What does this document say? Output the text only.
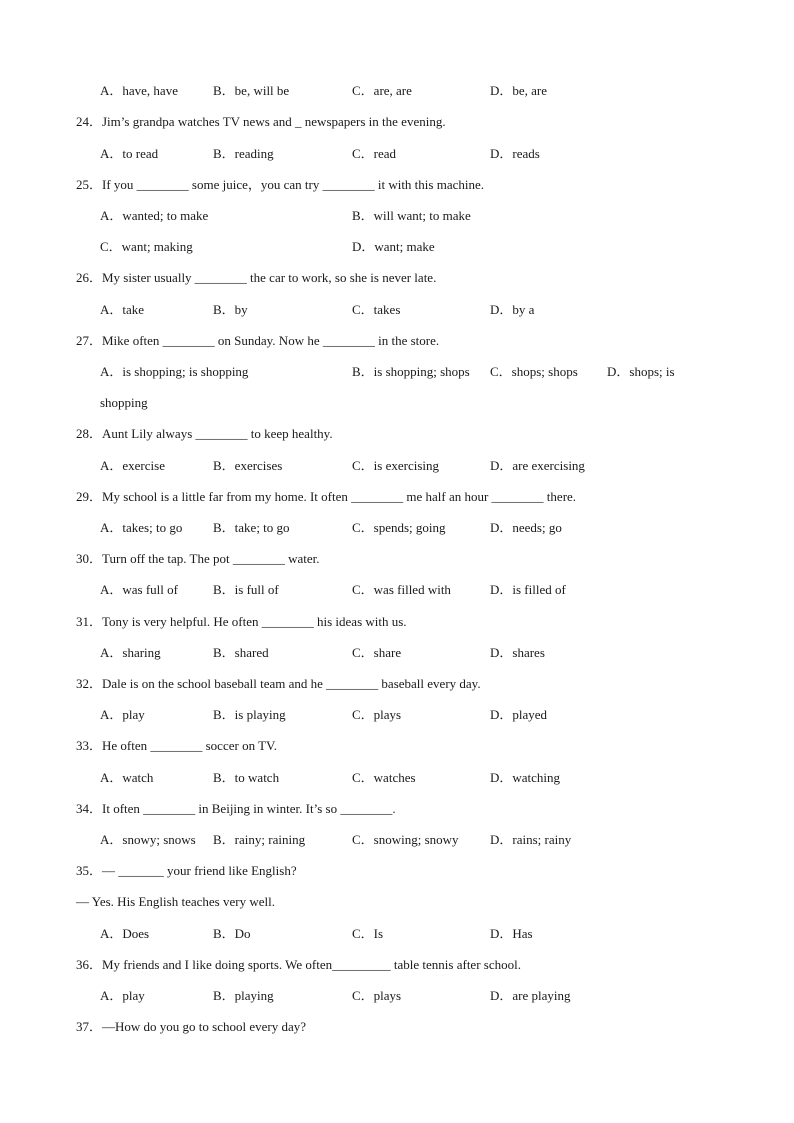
A．have, have	B．be, will be	C．are, are	D．be, are
24．Jim’s grandpa watches TV news and _ newspapers in the evening.
A．to read	B．reading	C．read	D．reads
25．If you ________ some juice，you can try ________ it with this machine.
A．wanted; to make	B．will want; to make
C．want; making	D．want; make
26．My sister usually ________ the car to work, so she is never late.
A．take	B．by	C．takes	D．by a
27．Mike often ________ on Sunday. Now he ________ in the store.
A．is shopping; is shopping	B．is shopping; shops C．shops; shops D．shops; is
shopping
28．Aunt Lily always ________ to keep healthy.
A．exercise	B．exercises	C．is exercising	D．are exercising
29．My school is a little far from my home. It often ________ me half an hour ________ there.
A．takes; to go B．take; to go	C．spends; going	D．needs; go
30．Turn off the tap. The pot ________ water.
A．was full of	B．is full of	C．was filled with	D．is filled of
31．Tony is very helpful. He often ________ his ideas with us.
A．sharing	B．shared	C．share	D．shares
32．Dale is on the school baseball team and he ________ baseball every day.
A．play	B．is playing	C．plays	D．played
33．He often ________ soccer on TV.
A．watch	B．to watch	C．watches	D．watching
34．It often ________ in Beijing in winter. It’s so ________.
A．snowy; snows B．rainy; raining	C．snowing; snowy D．rains; rainy
35．— _______ your friend like English?
— Yes. His English teaches very well.
A．Does	B．Do	C．Is	D．Has
36．My friends and I like doing sports. We often_________ table tennis after school.
A．play	B．playing	C．plays	D．are playing
37．—How do you go to school every day?
